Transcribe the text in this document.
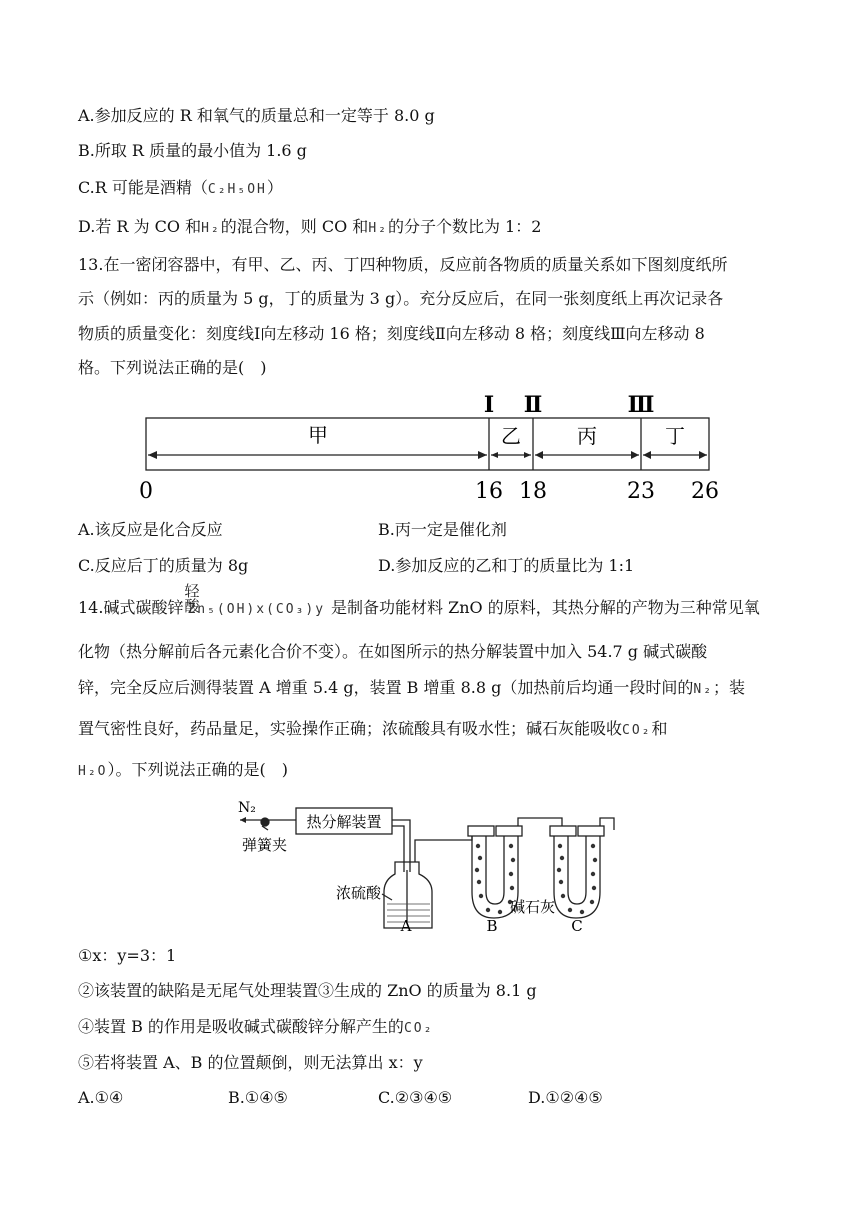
A.参加反应的 R 和氧气的质量总和一定等于 8.0 g
B.所取 R 质量的最小值为 1.6 g
C.R 可能是酒精（C₂H₅OH）
D.若 R 为 CO 和H₂的混合物，则 CO 和H₂的分子个数比为 1：2
13.在一密闭容器中，有甲、乙、丙、丁四种物质，反应前各物质的质量关系如下图刻度纸所
示（例如：丙的质量为 5 g，丁的质量为 3 g）。充分反应后，在同一张刻度纸上再次记录各
物质的质量变化：刻度线Ⅰ向左移动 16 格；刻度线Ⅱ向左移动 8 格；刻度线Ⅲ向左移动 8
格。下列说法正确的是(　)
Ⅰ Ⅱ	Ⅲ
甲	乙	丙	丁
0	16 18	23 26
A.该反应是化合反应	B.丙一定是催化剂
C.反应后丁的质量为 8g	D.参加反应的乙和丁的质量比为 1:1
14.碱式碳酸锌 轻酸
Zn₅(OH)x(CO₃)y 是制备功能材料 ZnO 的原料，其热分解的产物为三种常见氧
化物（热分解前后各元素化合价不变）。在如图所示的热分解装置中加入 54.7 g 碱式碳酸
锌，完全反应后测得装置 A 增重 5.4 g，装置 B 增重 8.8 g（加热前后均通一段时间的N₂；装
置气密性良好，药品量足，实验操作正确；浓硫酸具有吸水性；碱石灰能吸收CO₂和
H₂O）。下列说法正确的是(　)
N₂
弹簧夹
热分解装置
浓硫酸
碱石灰
A	B	C
①x：y=3：1
②该装置的缺陷是无尾气处理装置③生成的 ZnO 的质量为 8.1 g
④装置 B 的作用是吸收碱式碳酸锌分解产生的CO₂
⑤若将装置 A、B 的位置颠倒，则无法算出 x：y
A.①④	B.①④⑤	C.②③④⑤	D.①②④⑤
